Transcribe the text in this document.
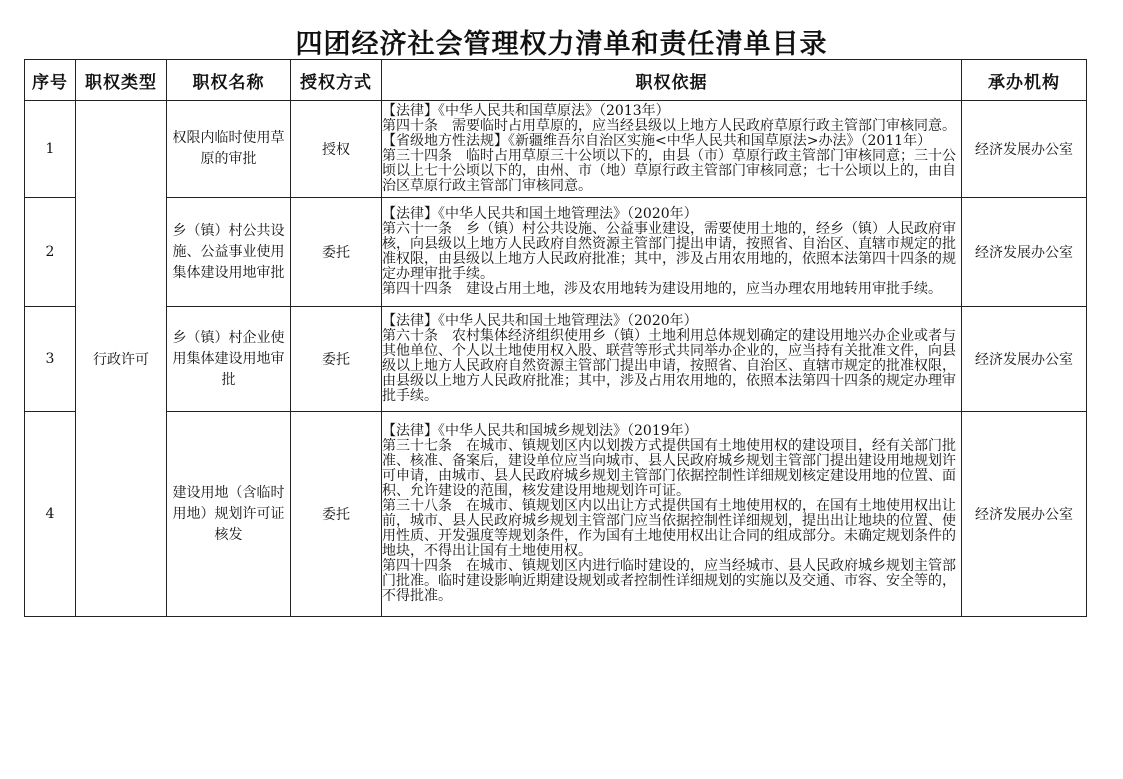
四团经济社会管理权力清单和责任清单目录
序号	职权类型	职权名称	授权方式	职权依据	承办机构
1	行政许可	权限内临时使用草原的审批	授权	【法律】《中华人民共和国草原法》（2013年）
第四十条　需要临时占用草原的，应当经县级以上地方人民政府草原行政主管部门审核同意。
【省级地方性法规】《新疆维吾尔自治区实施<中华人民共和国草原法>办法》（2011年）
第三十四条　临时占用草原三十公顷以下的，由县（市）草原行政主管部门审核同意；三十公顷以上七十公顷以下的，由州、市（地）草原行政主管部门审核同意；七十公顷以上的，由自治区草原行政主管部门审核同意。	经济发展办公室
2		乡（镇）村公共设施、公益事业使用集体建设用地审批	委托	【法律】《中华人民共和国土地管理法》（2020年）
第六十一条　乡（镇）村公共设施、公益事业建设，需要使用土地的，经乡（镇）人民政府审核，向县级以上地方人民政府自然资源主管部门提出申请，按照省、自治区、直辖市规定的批准权限，由县级以上地方人民政府批准；其中，涉及占用农用地的，依照本法第四十四条的规定办理审批手续。
第四十四条　建设占用土地，涉及农用地转为建设用地的，应当办理农用地转用审批手续。	经济发展办公室
3		乡（镇）村企业使用集体建设用地审批	委托	【法律】《中华人民共和国土地管理法》（2020年）
第六十条　农村集体经济组织使用乡（镇）土地利用总体规划确定的建设用地兴办企业或者与其他单位、个人以土地使用权入股、联营等形式共同举办企业的，应当持有关批准文件，向县级以上地方人民政府自然资源主管部门提出申请，按照省、自治区、直辖市规定的批准权限，由县级以上地方人民政府批准；其中，涉及占用农用地的，依照本法第四十四条的规定办理审批手续。	经济发展办公室
4		建设用地（含临时用地）规划许可证核发	委托	【法律】《中华人民共和国城乡规划法》（2019年）
第三十七条　在城市、镇规划区内以划拨方式提供国有土地使用权的建设项目，经有关部门批准、核准、备案后，建设单位应当向城市、县人民政府城乡规划主管部门提出建设用地规划许可申请，由城市、县人民政府城乡规划主管部门依据控制性详细规划核定建设用地的位置、面积、允许建设的范围，核发建设用地规划许可证。
第三十八条　在城市、镇规划区内以出让方式提供国有土地使用权的，在国有土地使用权出让前，城市、县人民政府城乡规划主管部门应当依据控制性详细规划，提出出让地块的位置、使用性质、开发强度等规划条件，作为国有土地使用权出让合同的组成部分。未确定规划条件的地块，不得出让国有土地使用权。
第四十四条　在城市、镇规划区内进行临时建设的，应当经城市、县人民政府城乡规划主管部门批准。临时建设影响近期建设规划或者控制性详细规划的实施以及交通、市容、安全等的，不得批准。	经济发展办公室
